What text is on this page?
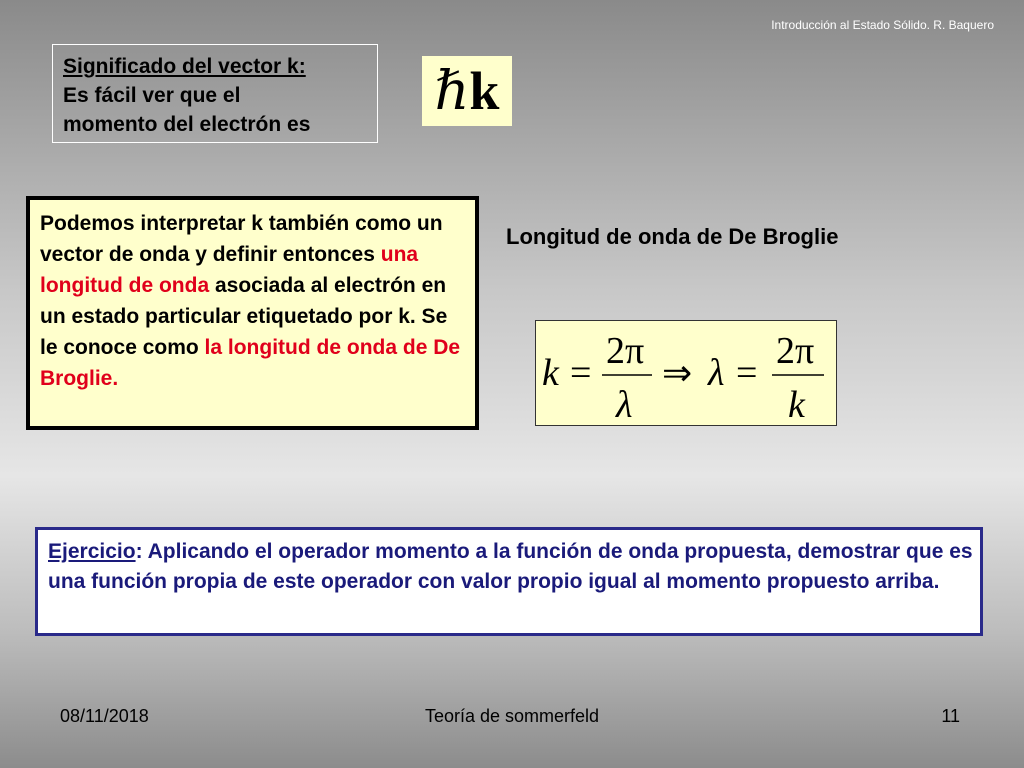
Introducción al Estado Sólido. R. Baquero
Significado del vector k:
Es fácil ver que el
momento del electrón es
ℏk
Podemos interpretar k también como un vector de onda y definir entonces una longitud de onda asociada al electrón en un estado particular etiquetado por k. Se le conoce como la longitud de onda de De Broglie.
Longitud de onda de De Broglie
k =
2π
λ
⇒ λ =
2π
k
Ejercicio: Aplicando el operador momento a la función de onda propuesta, demostrar que es una función propia de este operador con valor propio igual al momento propuesto arriba.
08/11/2018	Teoría de sommerfeld	11
